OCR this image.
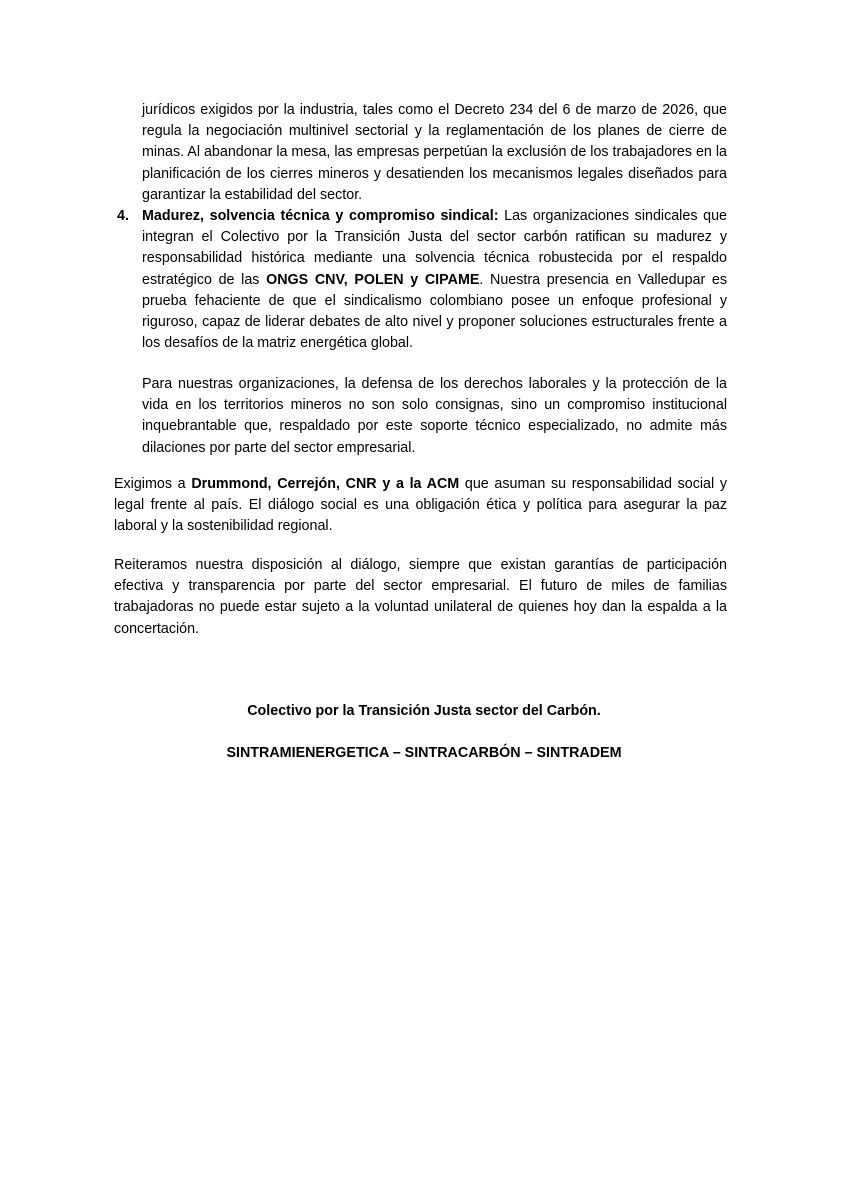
jurídicos exigidos por la industria, tales como el Decreto 234 del 6 de marzo de 2026, que regula la negociación multinivel sectorial y la reglamentación de los planes de cierre de minas. Al abandonar la mesa, las empresas perpetúan la exclusión de los trabajadores en la planificación de los cierres mineros y desatienden los mecanismos legales diseñados para garantizar la estabilidad del sector.

4. Madurez, solvencia técnica y compromiso sindical: Las organizaciones sindicales que integran el Colectivo por la Transición Justa del sector carbón ratifican su madurez y responsabilidad histórica mediante una solvencia técnica robustecida por el respaldo estratégico de las ONGS CNV, POLEN y CIPAME. Nuestra presencia en Valledupar es prueba fehaciente de que el sindicalismo colombiano posee un enfoque profesional y riguroso, capaz de liderar debates de alto nivel y proponer soluciones estructurales frente a los desafíos de la matriz energética global.

Para nuestras organizaciones, la defensa de los derechos laborales y la protección de la vida en los territorios mineros no son solo consignas, sino un compromiso institucional inquebrantable que, respaldado por este soporte técnico especializado, no admite más dilaciones por parte del sector empresarial.

Exigimos a Drummond, Cerrejón, CNR y a la ACM que asuman su responsabilidad social y legal frente al país. El diálogo social es una obligación ética y política para asegurar la paz laboral y la sostenibilidad regional.

Reiteramos nuestra disposición al diálogo, siempre que existan garantías de participación efectiva y transparencia por parte del sector empresarial. El futuro de miles de familias trabajadoras no puede estar sujeto a la voluntad unilateral de quienes hoy dan la espalda a la concertación.

Colectivo por la Transición Justa sector del Carbón.
SINTRAMIENERGETICA – SINTRACARBÓN – SINTRADEM
